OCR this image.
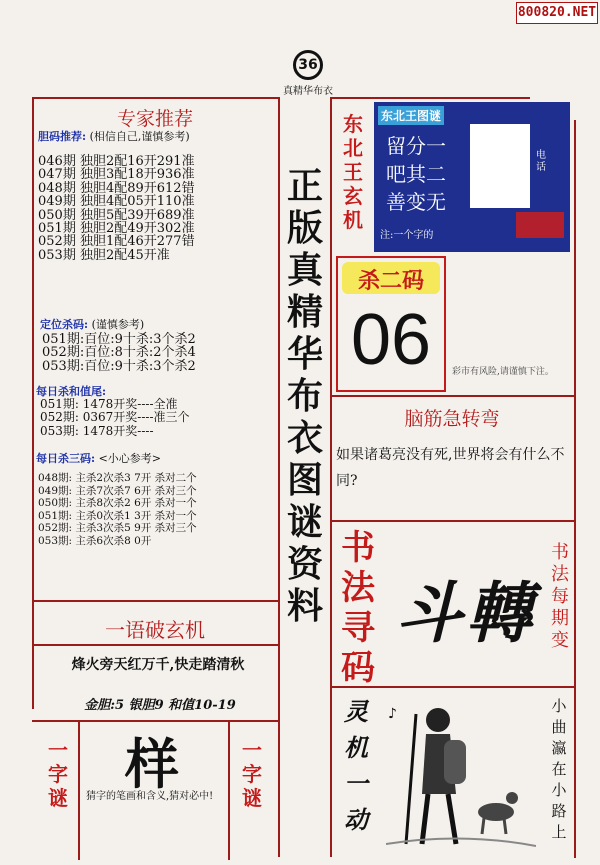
800820.NET
36
真精华布衣
专家推荐
胆码推荐: (相信自己,谨慎参考)
046期 独胆2配16开291准
047期 独胆3配18开936准
048期 独胆4配89开612错
049期 独胆4配05开110准
050期 独胆5配39开689准
051期 独胆2配49开302准
052期 独胆1配46开277错
053期 独胆2配45开准
定位杀码: (谨慎参考)
051期:百位:9十杀:3个杀2
052期:百位:8十杀:2个杀4
053期:百位:9十杀:3个杀2
每日杀和值尾:
051期: 1478开奖----全准
052期: 0367开奖----准三个
053期: 1478开奖----
每日杀三码: <小心参考>
048期: 主杀2次杀3 7开 杀对二个
049期: 主杀7次杀7 6开 杀对三个
050期: 主杀8次杀2 6开 杀对一个
051期: 主杀0次杀1 3开 杀对一个
052期: 主杀3次杀5 9开 杀对三个
053期: 主杀6次杀8 0开
一语破玄机
烽火旁天红万千,快走踏清秋
金胆:5 银胆9 和值10-19
一
字
谜
样
猜字的笔画和含义,猜对必中!
一
字
谜
正
版
真
精
华
布
衣
图
谜
资
料
东
北
王
玄
机
东北王图谜
留分一
吧其二
善变无
注:一个字的
电
话
杀二码
06	彩市有风险,请谨慎下注。
脑筋急转弯
如果诸葛亮没有死,世界将会有什么不同?
书
法
寻
码
斗轉
书
法
每
期
变
灵
机
一
动
♪	小
曲
瀛
在
小
路
上
